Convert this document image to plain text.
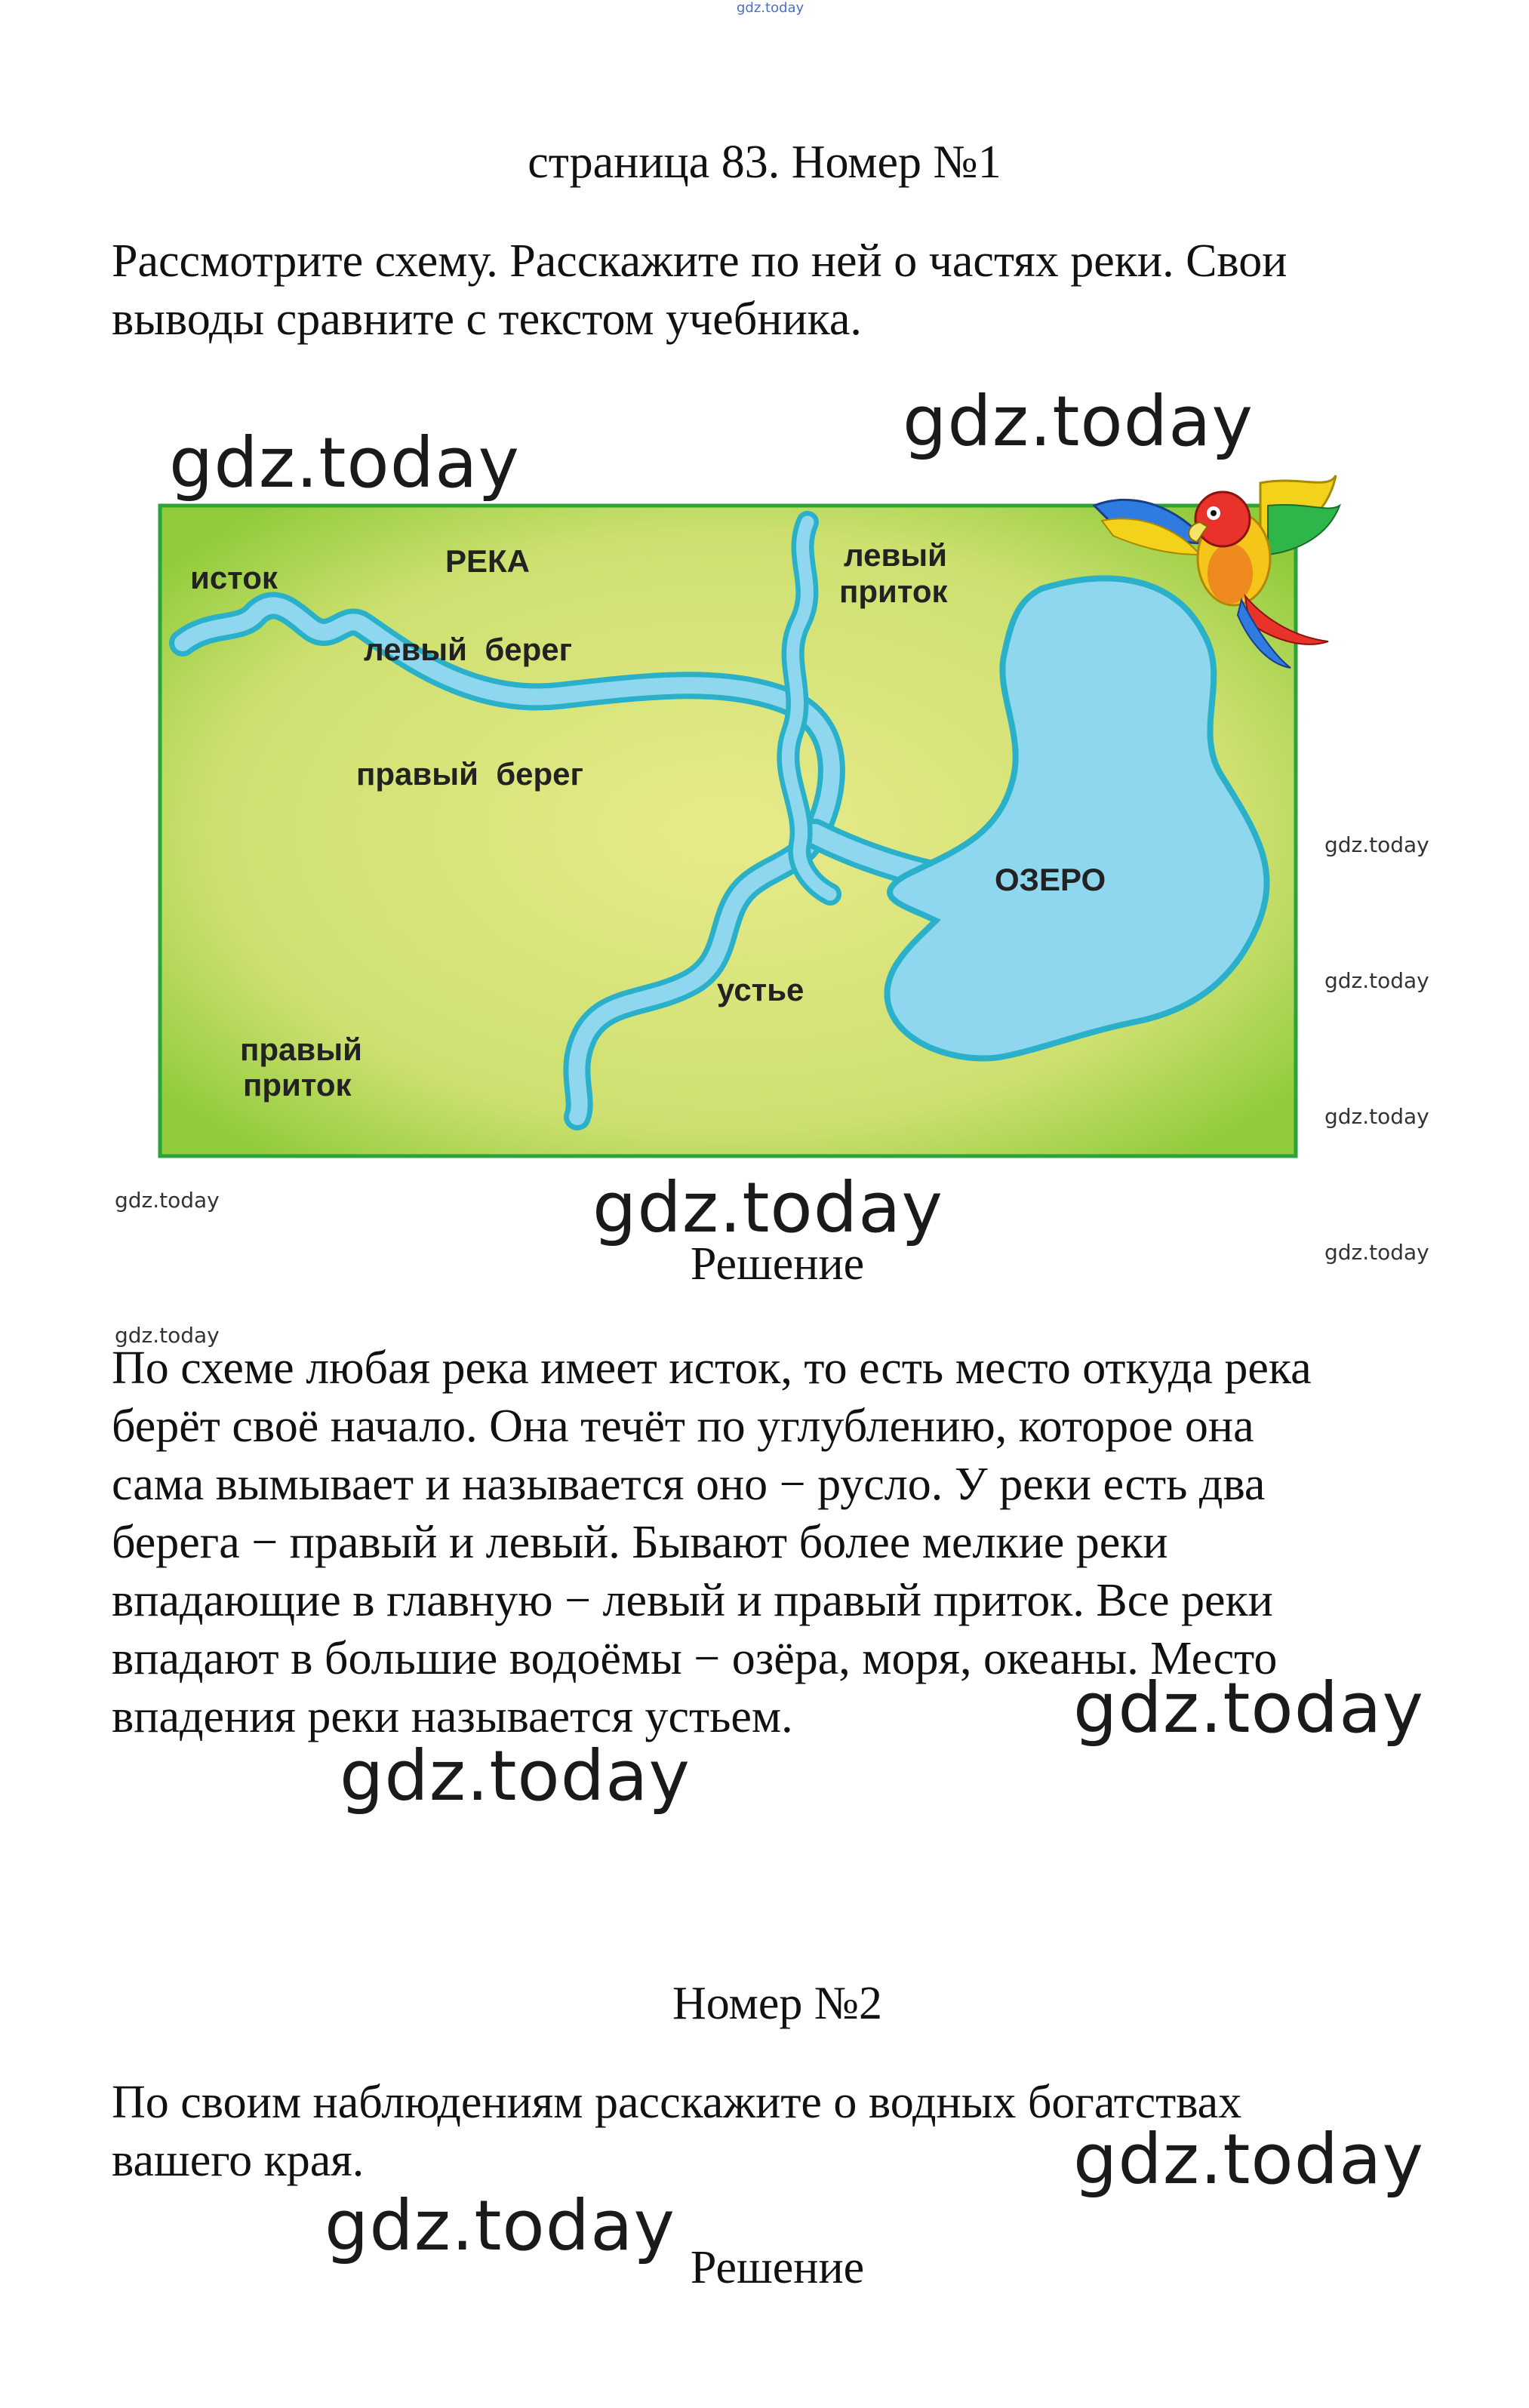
gdz.today
страница 83. Номер №1
Рассмотрите схему. Расскажите по ней о частях реки. Свои
выводы сравните с текстом учебника.
gdz.today
gdz.today
исток	РЕКА	левый
приток
левый  берег
правый  берег
ОЗЕРО
устье
правый
приток
gdz.today
gdz.today
gdz.today
gdz.today
gdz.today
gdz.today
gdz.today
Решение
По схеме любая река имеет исток, то есть место откуда река
берёт своё начало. Она течёт по углублению, которое она
сама вымывает и называется оно − русло. У реки есть два
берега − правый и левый. Бывают более мелкие реки
впадающие в главную − левый и правый приток. Все реки
впадают в большие водоёмы − озёра, моря, океаны. Место
впадения реки называется устьем.	gdz.today
gdz.today
Номер №2
По своим наблюдениям расскажите о водных богатствах
вашего края.	gdz.today
gdz.today
Решение
